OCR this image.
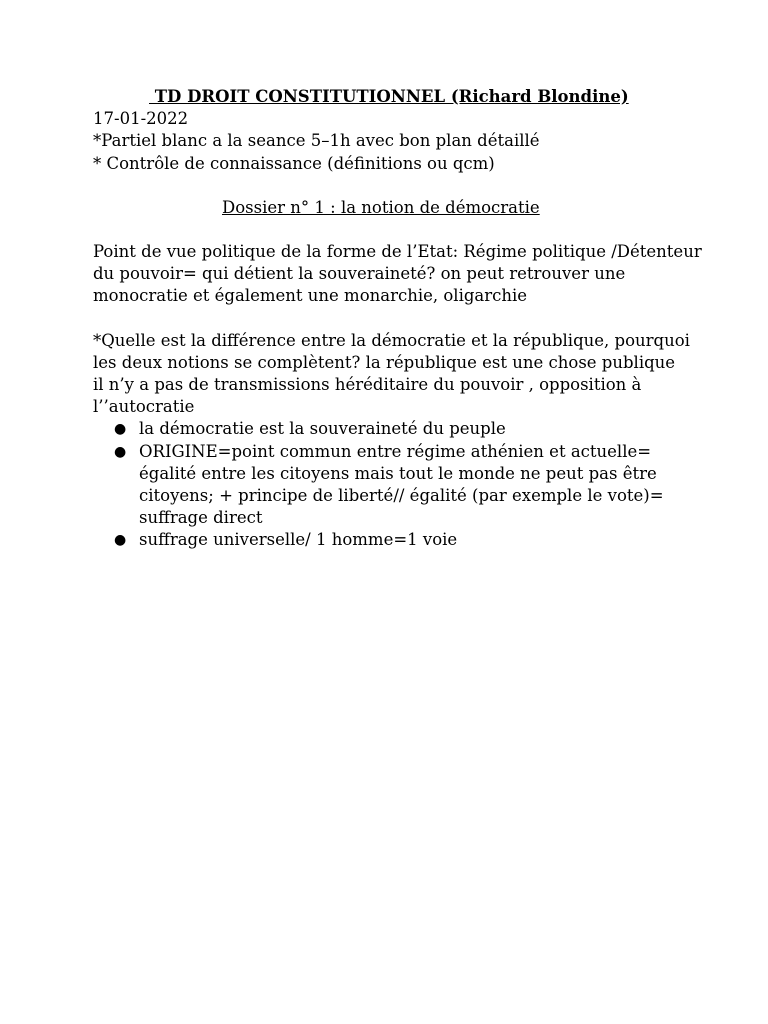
TD DROIT CONSTITUTIONNEL (Richard Blondine)
17-01-2022
*Partiel blanc a la seance 5–1h avec bon plan détaillé
* Contrôle de connaissance (définitions ou qcm)
Dossier n° 1 : la notion de démocratie
Point de vue politique de la forme de l’Etat: Régime politique /Détenteur
du pouvoir= qui détient la souveraineté? on peut retrouver une
monocratie et également une monarchie, oligarchie
*Quelle est la différence entre la démocratie et la république, pourquoi
les deux notions se complètent? la république est une chose publique
il n’y a pas de transmissions héréditaire du pouvoir , opposition à
l’’autocratie
● la démocratie est la souveraineté du peuple
● ORIGINE=point commun entre régime athénien et actuelle=
égalité entre les citoyens mais tout le monde ne peut pas être
citoyens; + principe de liberté// égalité (par exemple le vote)=
suffrage direct
● suffrage universelle/ 1 homme=1 voie
